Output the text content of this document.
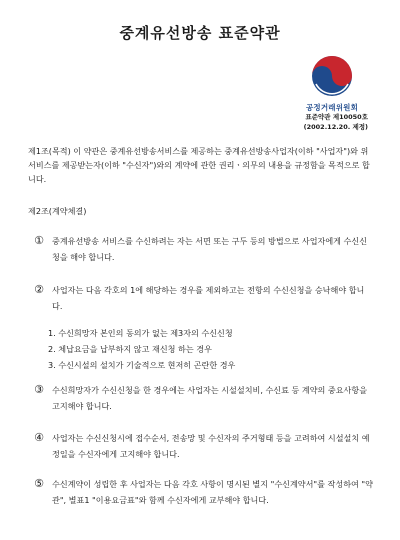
중계유선방송 표준약관
공정거래위원회
표준약관 제10050호
(2002.12.20. 제정)

제1조(목적) 이 약관은 중계유선방송서비스를 제공하는 중계유선방송사업자(이하 "사업자")와 위 서비스를 제공받는자(이하 "수신자")와의 계약에 관한 권리ㆍ의무의 내용을 규정함을 목적으로 합니다.

제2조(계약체결)

① 중계유선방송 서비스를 수신하려는 자는 서면 또는 구두 등의 방법으로 사업자에게 수신신청을 해야 합니다.
② 사업자는 다음 각호의 1에 해당하는 경우를 제외하고는 전항의 수신신청을 승낙해야 합니다.
1. 수신희망자 본인의 동의가 없는 제3자의 수신신청
2. 체납요금을 납부하지 않고 재신청 하는 경우
3. 수신시설의 설치가 기술적으로 현저히 곤란한 경우
③ 수신희망자가 수신신청을 한 경우에는 사업자는 시설설치비, 수신료 등 계약의 중요사항을 고지해야 합니다.
④ 사업자는 수신신청시에 접수순서, 전송망 및 수신자의 주거형태 등을 고려하여 시설설치 예정일을 수신자에게 고지해야 합니다.
⑤ 수신계약이 성립한 후 사업자는 다음 각호 사항이 명시된 별지 "수신계약서"를 작성하여 "약관", 별표1 "이용요금표"와 함께 수신자에게 교부해야 합니다.
